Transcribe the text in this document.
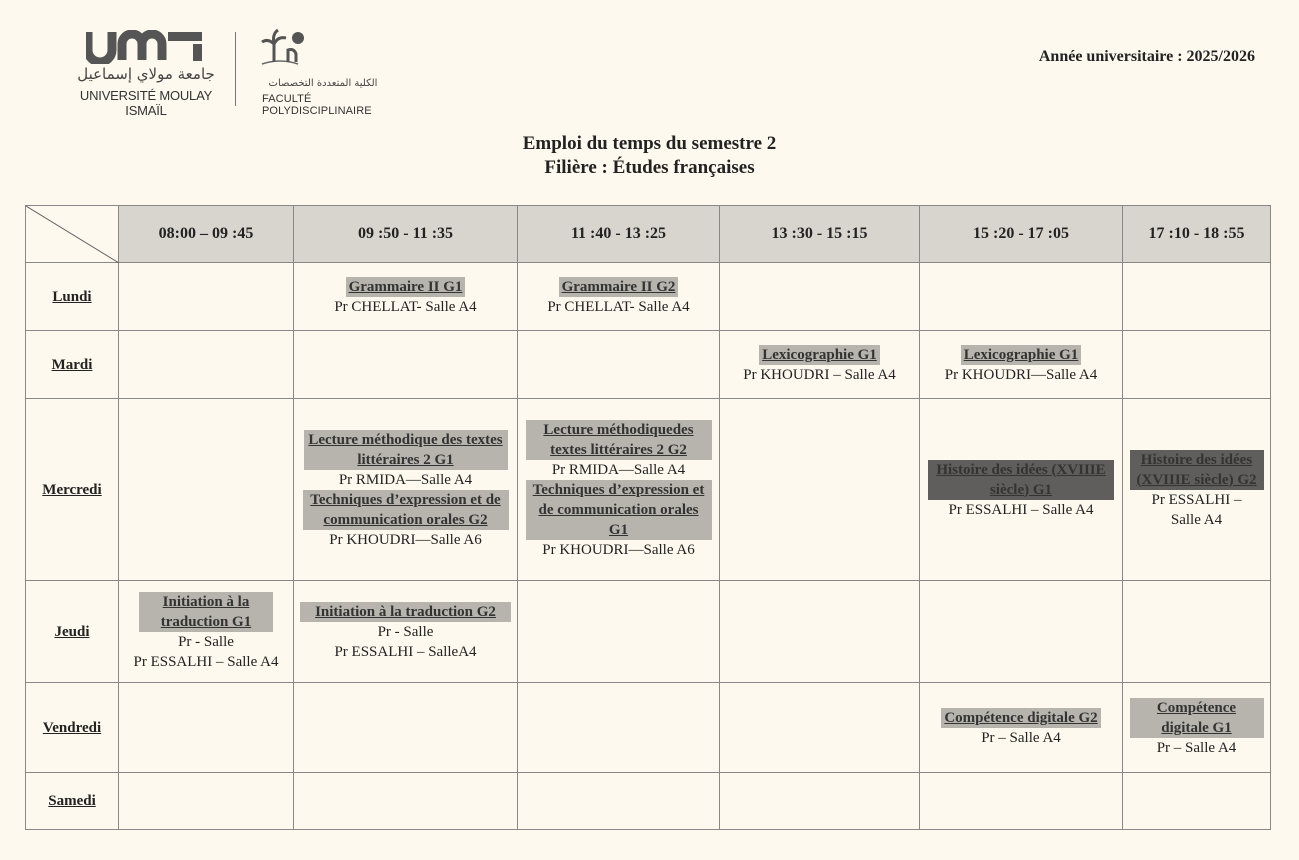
جامعة مولاي إسماعيل
UNIVERSITÉ MOULAY ISMAÏL
الكلية المتعددة التخصصات
FACULTÉ POLYDISCIPLINAIRE
Année universitaire : 2025/2026
Emploi du temps du semestre 2
Filière : Études françaises
	08:00 – 09 :45	09 :50 - 11 :35	11 :40 - 13 :25	13 :30 - 15 :15	15 :20 - 17 :05	17 :10 - 18 :55
Lundi		Grammaire II G1
Pr CHELLAT- Salle A4	Grammaire II G2
Pr CHELLAT- Salle A4			

Mardi				Lexicographie G1
Pr KHOUDRI – Salle A4	Lexicographie G1
Pr KHOUDRI—Salle A4	

Mercredi		Lecture méthodique des textes littéraires 2 G1
Pr RMIDA—Salle A4
Techniques d’expression et de communication orales G2
Pr KHOUDRI—Salle A6	Lecture méthodiquedes textes littéraires 2 G2
Pr RMIDA—Salle A4
Techniques d’expression et de communication orales G1
Pr KHOUDRI—Salle A6		Histoire des idées (XVIIIE siècle) G1
Pr ESSALHI – Salle A4	Histoire des idées (XVIIIE siècle) G2
Pr ESSALHI – Salle A4

Jeudi	Initiation à la traduction G1
Pr - Salle
Pr ESSALHI – Salle A4	Initiation à la traduction G2
Pr - Salle
Pr ESSALHI – SalleA4				

Vendredi					Compétence digitale G2
Pr – Salle A4	Compétence digitale G1
Pr – Salle A4

Samedi						
